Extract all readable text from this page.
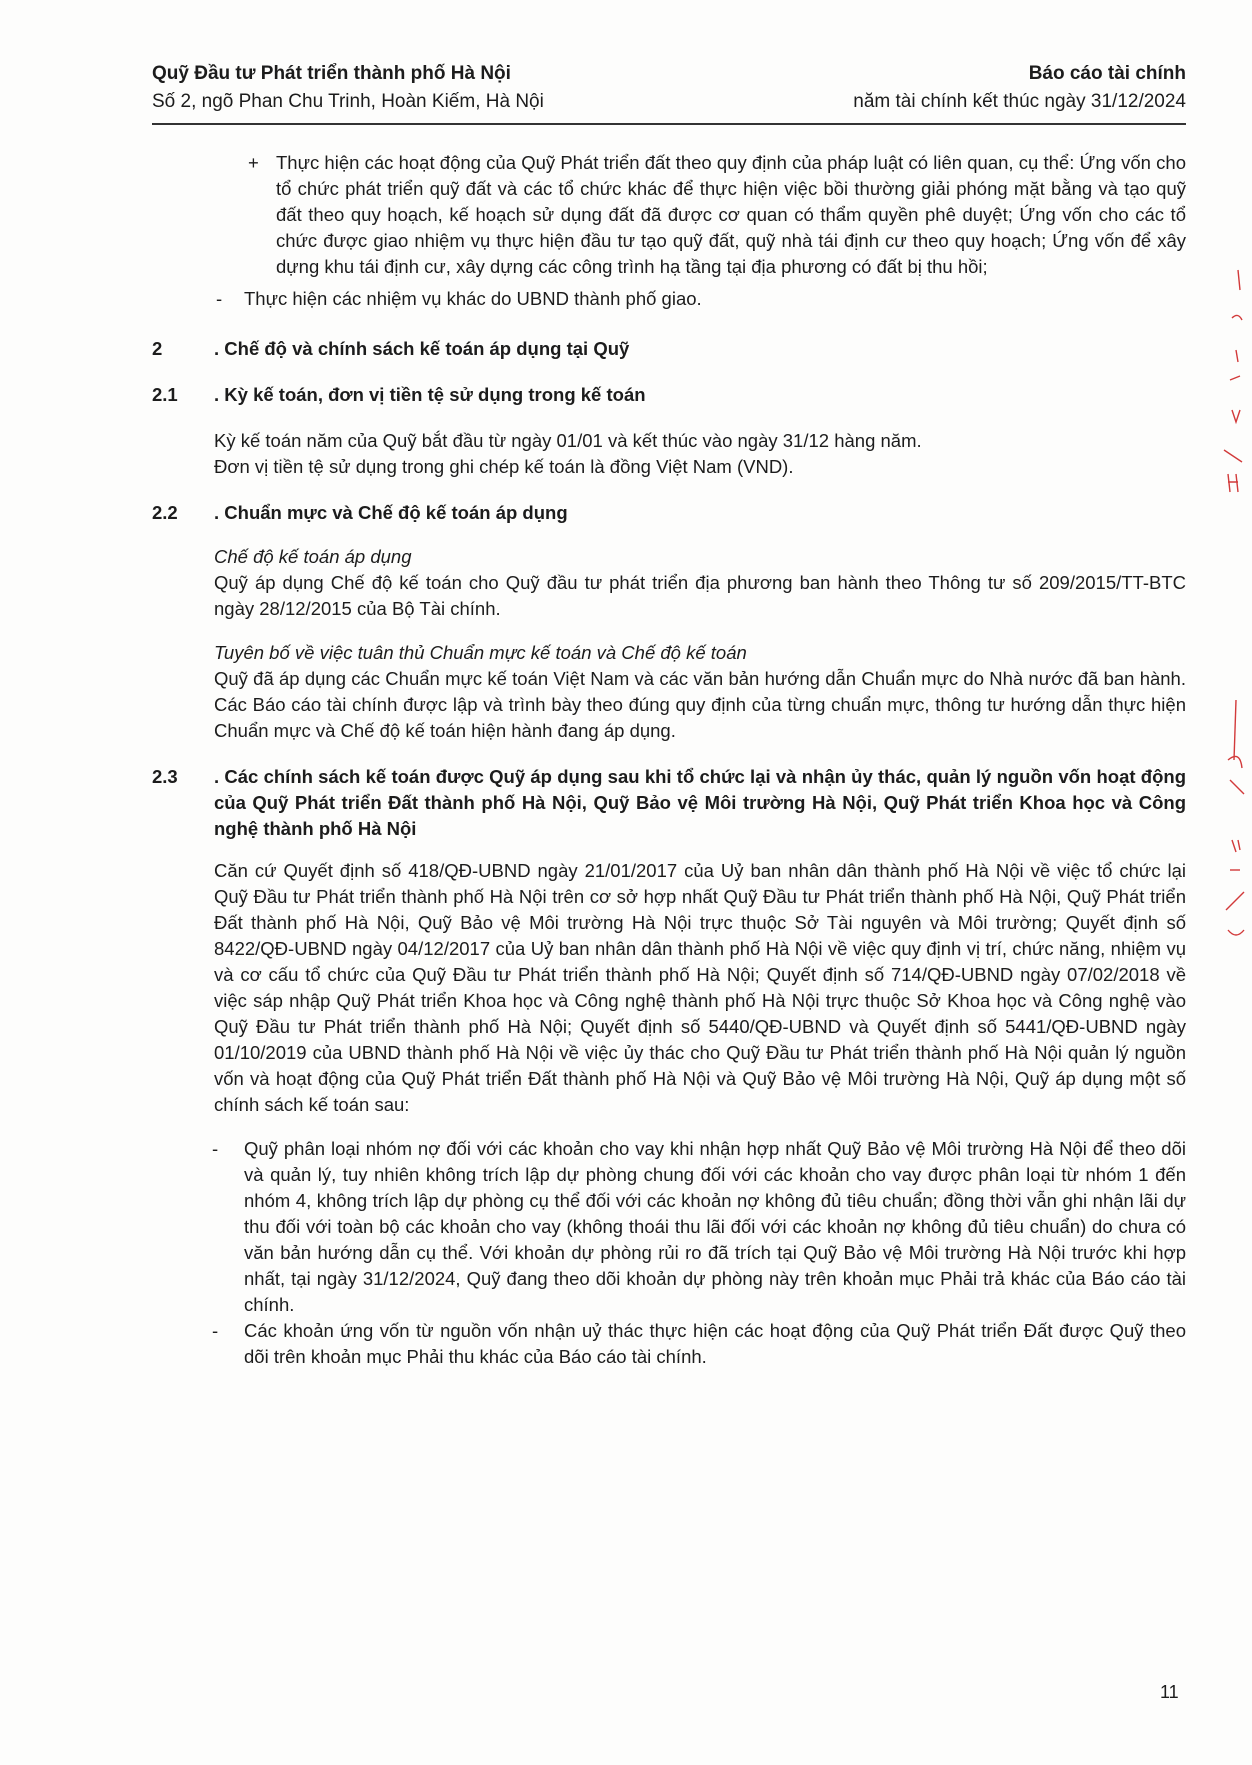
Quỹ Đầu tư Phát triển thành phố Hà Nội
Số 2, ngõ Phan Chu Trinh, Hoàn Kiếm, Hà Nội
Báo cáo tài chính
năm tài chính kết thúc ngày 31/12/2024
+ Thực hiện các hoạt động của Quỹ Phát triển đất theo quy định của pháp luật có liên quan, cụ thể: Ứng vốn cho tổ chức phát triển quỹ đất và các tổ chức khác để thực hiện việc bồi thường giải phóng mặt bằng và tạo quỹ đất theo quy hoạch, kế hoạch sử dụng đất đã được cơ quan có thẩm quyền phê duyệt; Ứng vốn cho các tổ chức được giao nhiệm vụ thực hiện đầu tư tạo quỹ đất, quỹ nhà tái định cư theo quy hoạch; Ứng vốn để xây dựng khu tái định cư, xây dựng các công trình hạ tầng tại địa phương có đất bị thu hồi;
-	Thực hiện các nhiệm vụ khác do UBND thành phố giao.
2	. Chế độ và chính sách kế toán áp dụng tại Quỹ
2.1 . Kỳ kế toán, đơn vị tiền tệ sử dụng trong kế toán
Kỳ kế toán năm của Quỹ bắt đầu từ ngày 01/01 và kết thúc vào ngày 31/12 hàng năm.
Đơn vị tiền tệ sử dụng trong ghi chép kế toán là đồng Việt Nam (VND).
2.2 . Chuẩn mực và Chế độ kế toán áp dụng
Chế độ kế toán áp dụng
Quỹ áp dụng Chế độ kế toán cho Quỹ đầu tư phát triển địa phương ban hành theo Thông tư số 209/2015/TT-BTC ngày 28/12/2015 của Bộ Tài chính.
Tuyên bố về việc tuân thủ Chuẩn mực kế toán và Chế độ kế toán
Quỹ đã áp dụng các Chuẩn mực kế toán Việt Nam và các văn bản hướng dẫn Chuẩn mực do Nhà nước đã ban hành. Các Báo cáo tài chính được lập và trình bày theo đúng quy định của từng chuẩn mực, thông tư hướng dẫn thực hiện Chuẩn mực và Chế độ kế toán hiện hành đang áp dụng.
2.3 . Các chính sách kế toán được Quỹ áp dụng sau khi tổ chức lại và nhận ủy thác, quản lý nguồn vốn hoạt động của Quỹ Phát triển Đất thành phố Hà Nội, Quỹ Bảo vệ Môi trường Hà Nội, Quỹ Phát triển Khoa học và Công nghệ thành phố Hà Nội
Căn cứ Quyết định số 418/QĐ-UBND ngày 21/01/2017 của Uỷ ban nhân dân thành phố Hà Nội về việc tổ chức lại Quỹ Đầu tư Phát triển thành phố Hà Nội trên cơ sở hợp nhất Quỹ Đầu tư Phát triển thành phố Hà Nội, Quỹ Phát triển Đất thành phố Hà Nội, Quỹ Bảo vệ Môi trường Hà Nội trực thuộc Sở Tài nguyên và Môi trường; Quyết định số 8422/QĐ-UBND ngày 04/12/2017 của Uỷ ban nhân dân thành phố Hà Nội về việc quy định vị trí, chức năng, nhiệm vụ và cơ cấu tổ chức của Quỹ Đầu tư Phát triển thành phố Hà Nội; Quyết định số 714/QĐ-UBND ngày 07/02/2018 về việc sáp nhập Quỹ Phát triển Khoa học và Công nghệ thành phố Hà Nội trực thuộc Sở Khoa học và Công nghệ vào Quỹ Đầu tư Phát triển thành phố Hà Nội; Quyết định số 5440/QĐ-UBND và Quyết định số 5441/QĐ-UBND ngày 01/10/2019 của UBND thành phố Hà Nội về việc ủy thác cho Quỹ Đầu tư Phát triển thành phố Hà Nội quản lý nguồn vốn và hoạt động của Quỹ Phát triển Đất thành phố Hà Nội và Quỹ Bảo vệ Môi trường Hà Nội, Quỹ áp dụng một số chính sách kế toán sau:
- Quỹ phân loại nhóm nợ đối với các khoản cho vay khi nhận hợp nhất Quỹ Bảo vệ Môi trường Hà Nội để theo dõi và quản lý, tuy nhiên không trích lập dự phòng chung đối với các khoản cho vay được phân loại từ nhóm 1 đến nhóm 4, không trích lập dự phòng cụ thể đối với các khoản nợ không đủ tiêu chuẩn; đồng thời vẫn ghi nhận lãi dự thu đối với toàn bộ các khoản cho vay (không thoái thu lãi đối với các khoản nợ không đủ tiêu chuẩn) do chưa có văn bản hướng dẫn cụ thể. Với khoản dự phòng rủi ro đã trích tại Quỹ Bảo vệ Môi trường Hà Nội trước khi hợp nhất, tại ngày 31/12/2024, Quỹ đang theo dõi khoản dự phòng này trên khoản mục Phải trả khác của Báo cáo tài chính.
- Các khoản ứng vốn từ nguồn vốn nhận uỷ thác thực hiện các hoạt động của Quỹ Phát triển Đất được Quỹ theo dõi trên khoản mục Phải thu khác của Báo cáo tài chính.
11
